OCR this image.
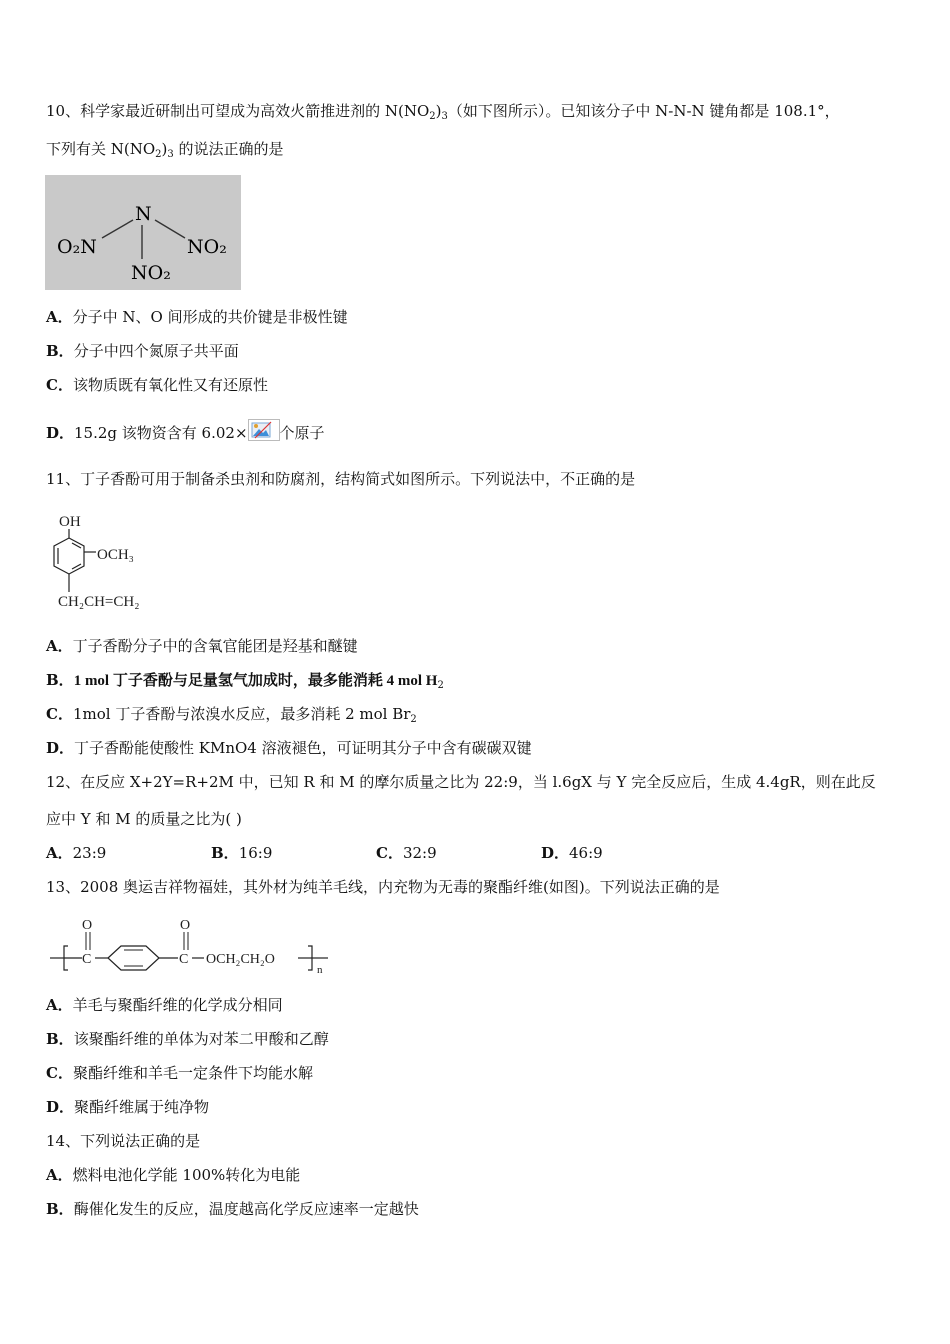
10、科学家最近研制出可望成为高效火箭推进剂的 $N(NO_2)_3$（如下图所示）。已知该分子中 N-N-N 键角都是 108.1°，
下列有关 $N(NO_2)_3$ 的说法正确的是
N
O₂N	NO₂
NO₂
A．分子中 N、O 间形成的共价键是非极性键
B．分子中四个氮原子共平面
C．该物质既有氧化性又有还原性
D．15.2g 该物资含有 6.02× 个原子
11、丁子香酚可用于制备杀虫剂和防腐剂，结构简式如图所示。下列说法中，不正确的是
OH
OCH₃
CH₂CH=CH₂
A．丁子香酚分子中的含氧官能团是羟基和醚键
B．1 mol 丁子香酚与足量氢气加成时，最多能消耗 4 mol $H_2$
C．1mol 丁子香酚与浓溴水反应，最多消耗 2 mol $Br_2$
D．丁子香酚能使酸性 KMnO4 溶液褪色，可证明其分子中含有碳碳双键
12、在反应 X+2Y=R+2M 中，已知 R 和 M 的摩尔质量之比为 22:9，当 l.6gX 与 Y 完全反应后，生成 4.4gR，则在此反
应中 Y 和 M 的质量之比为( )
A．23:9	B．16:9	C．32:9	D．46:9
13、2008 奥运吉祥物福娃，其外材为纯羊毛线，内充物为无毒的聚酯纤维(如图)。下列说法正确的是
C
O
C
O
OCH₂CH₂O
n
A．羊毛与聚酯纤维的化学成分相同
B．该聚酯纤维的单体为对苯二甲酸和乙醇
C．聚酯纤维和羊毛一定条件下均能水解
D．聚酯纤维属于纯净物
14、下列说法正确的是
A．燃料电池化学能 100%转化为电能
B．酶催化发生的反应，温度越高化学反应速率一定越快
